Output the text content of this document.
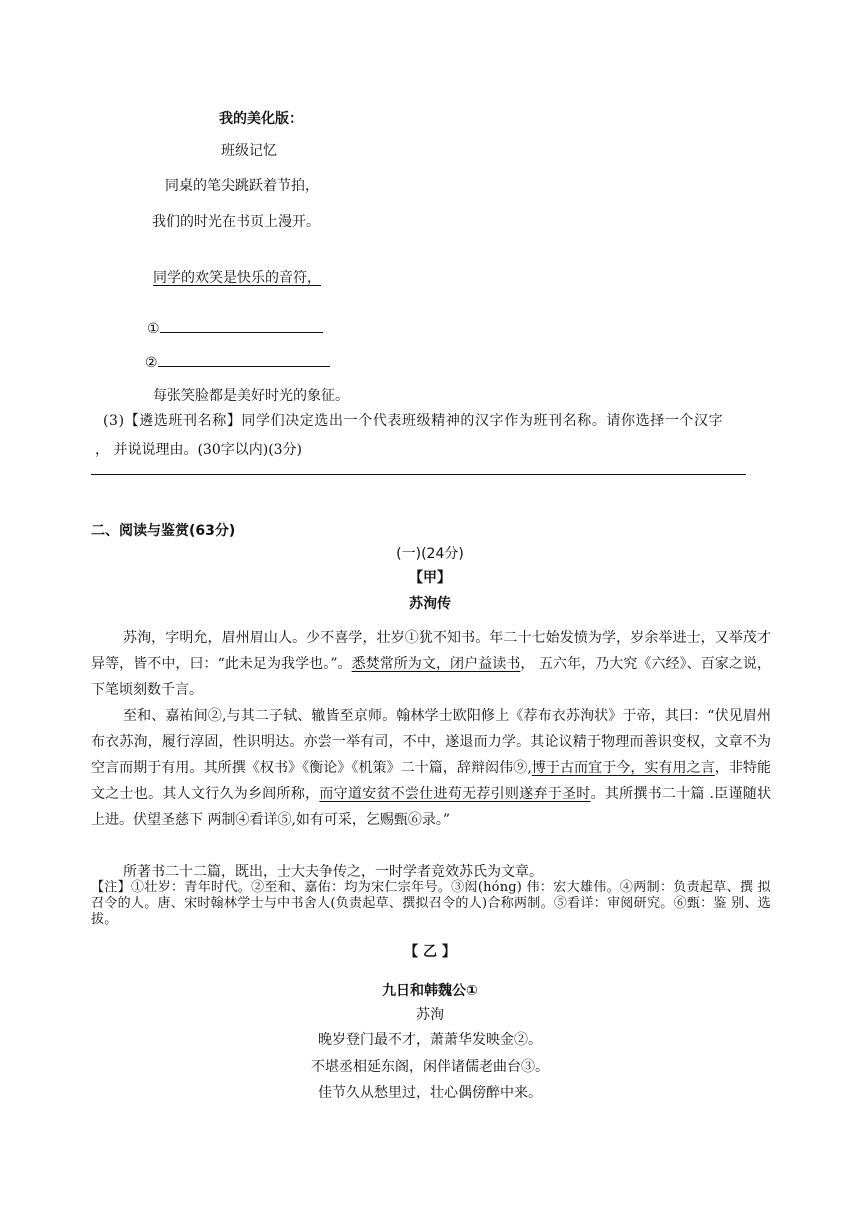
我的美化版：
班级记忆
同桌的笔尖跳跃着节拍，
我们的时光在书页上漫开。
同学的欢笑是快乐的音符，
①
②
每张笑脸都是美好时光的象征。
(3)【遴选班刊名称】同学们决定选出一个代表班级精神的汉字作为班刊名称。请你选择一个汉字
， 并说说理由。(30字以内)(3分)
二、阅读与鉴赏(63分)
(一)(24分)
【甲】
苏洵传
苏洵，字明允，眉州眉山人。少不喜学，壮岁①犹不知书。年二十七始发愤为学，岁余举进士，又举茂才异等，皆不中，曰：“此未足为我学也。”。悉焚常所为文，闭户益读书， 五六年，乃大究《六经》、百家之说，下笔顷刻数千言。
至和、嘉祐间②,与其二子轼、辙皆至京师。翰林学士欧阳修上《荐布衣苏洵状》于帝，其曰：“伏见眉州布衣苏洵，履行淳固，性识明达。亦尝一举有司，不中，遂退而力学。其论议精于物理而善识变权，文章不为空言而期于有用。其所撰《权书》《衡论》《机策》二十篇，辞辩闳伟⑨,博于古而宜于今，实有用之言，非特能文之士也。其人文行久为乡闾所称，而守道安贫不尝仕进苟无荐引则遂弃于圣时。其所撰书二十篇 .臣谨随状上进。伏望圣慈下 两制④看详⑤,如有可采，乞赐甄⑥录。”
所著书二十二篇，既出，士大夫争传之，一时学者竞效苏氏为文章。
【注】①壮岁：青年时代。②至和、嘉佑：均为宋仁宗年号。③闳(hóng) 伟：宏大雄伟。④两制：负责起草、撰 拟召令的人。唐、宋时翰林学士与中书舍人(负责起草、撰拟召令的人)合称两制。⑤看详：审阅研究。⑥甄：鉴 别、选拔。
【 乙 】
九日和韩魏公①
苏洵
晚岁登门最不才，萧萧华发映金②。
不堪丞相延东阁，闲伴诸儒老曲台③。
佳节久从愁里过，壮心偶傍醉中来。
